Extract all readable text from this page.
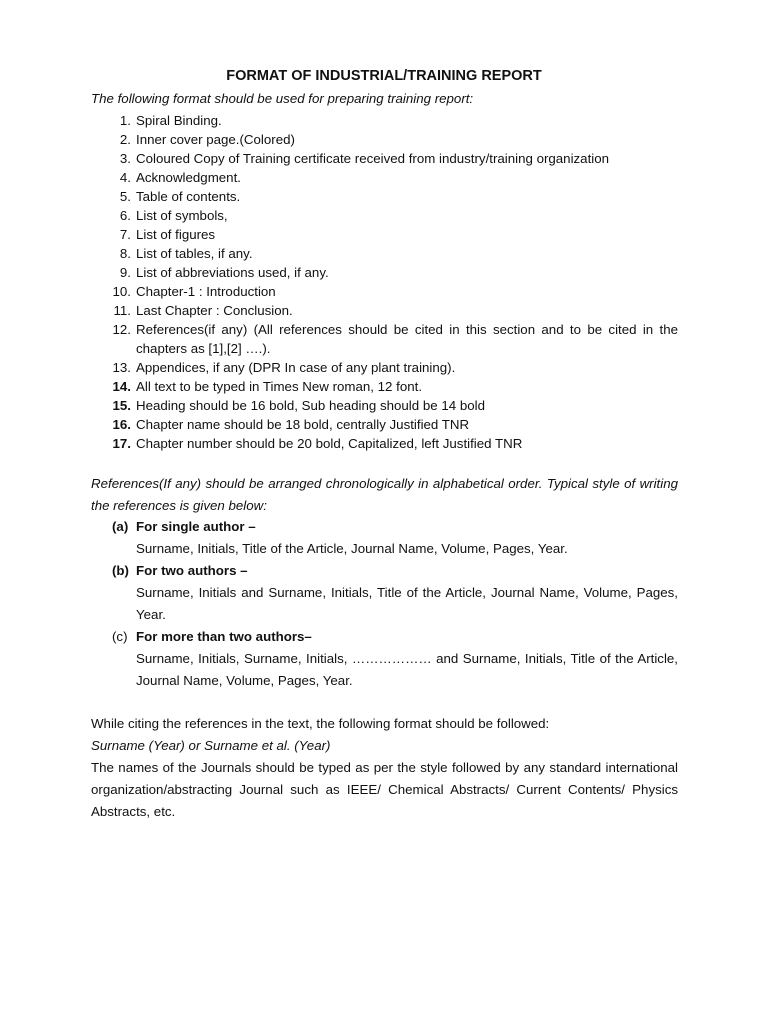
FORMAT OF INDUSTRIAL/TRAINING REPORT
The following format should be used for preparing training report:
1. Spiral Binding.
2. Inner cover page.(Colored)
3. Coloured Copy of Training certificate received from industry/training organization
4. Acknowledgment.
5. Table of contents.
6. List of symbols,
7. List of figures
8. List of tables, if any.
9. List of abbreviations used, if any.
10. Chapter-1 : Introduction
11. Last Chapter : Conclusion.
12. References(if any) (All references should be cited in this section and to be cited in the chapters as [1],[2] ….).
13. Appendices, if any (DPR In case of any plant training).
14. All text to be typed in Times New roman, 12 font.
15. Heading should be 16 bold, Sub heading should be 14 bold
16. Chapter name should be 18 bold, centrally Justified TNR
17. Chapter number should be 20 bold, Capitalized, left Justified TNR
References(If any) should be arranged chronologically in alphabetical order. Typical style of writing the references is given below:
(a) For single author –
Surname, Initials, Title of the Article, Journal Name, Volume, Pages, Year.
(b) For two authors –
Surname, Initials and Surname, Initials, Title of the Article, Journal Name, Volume, Pages, Year.
(c) For more than two authors–
Surname, Initials, Surname, Initials, ……………… and Surname, Initials, Title of the Article, Journal Name, Volume, Pages, Year.
While citing the references in the text, the following format should be followed:
Surname (Year) or Surname et al. (Year)
The names of the Journals should be typed as per the style followed by any standard international organization/abstracting Journal such as IEEE/ Chemical Abstracts/ Current Contents/ Physics Abstracts, etc.
